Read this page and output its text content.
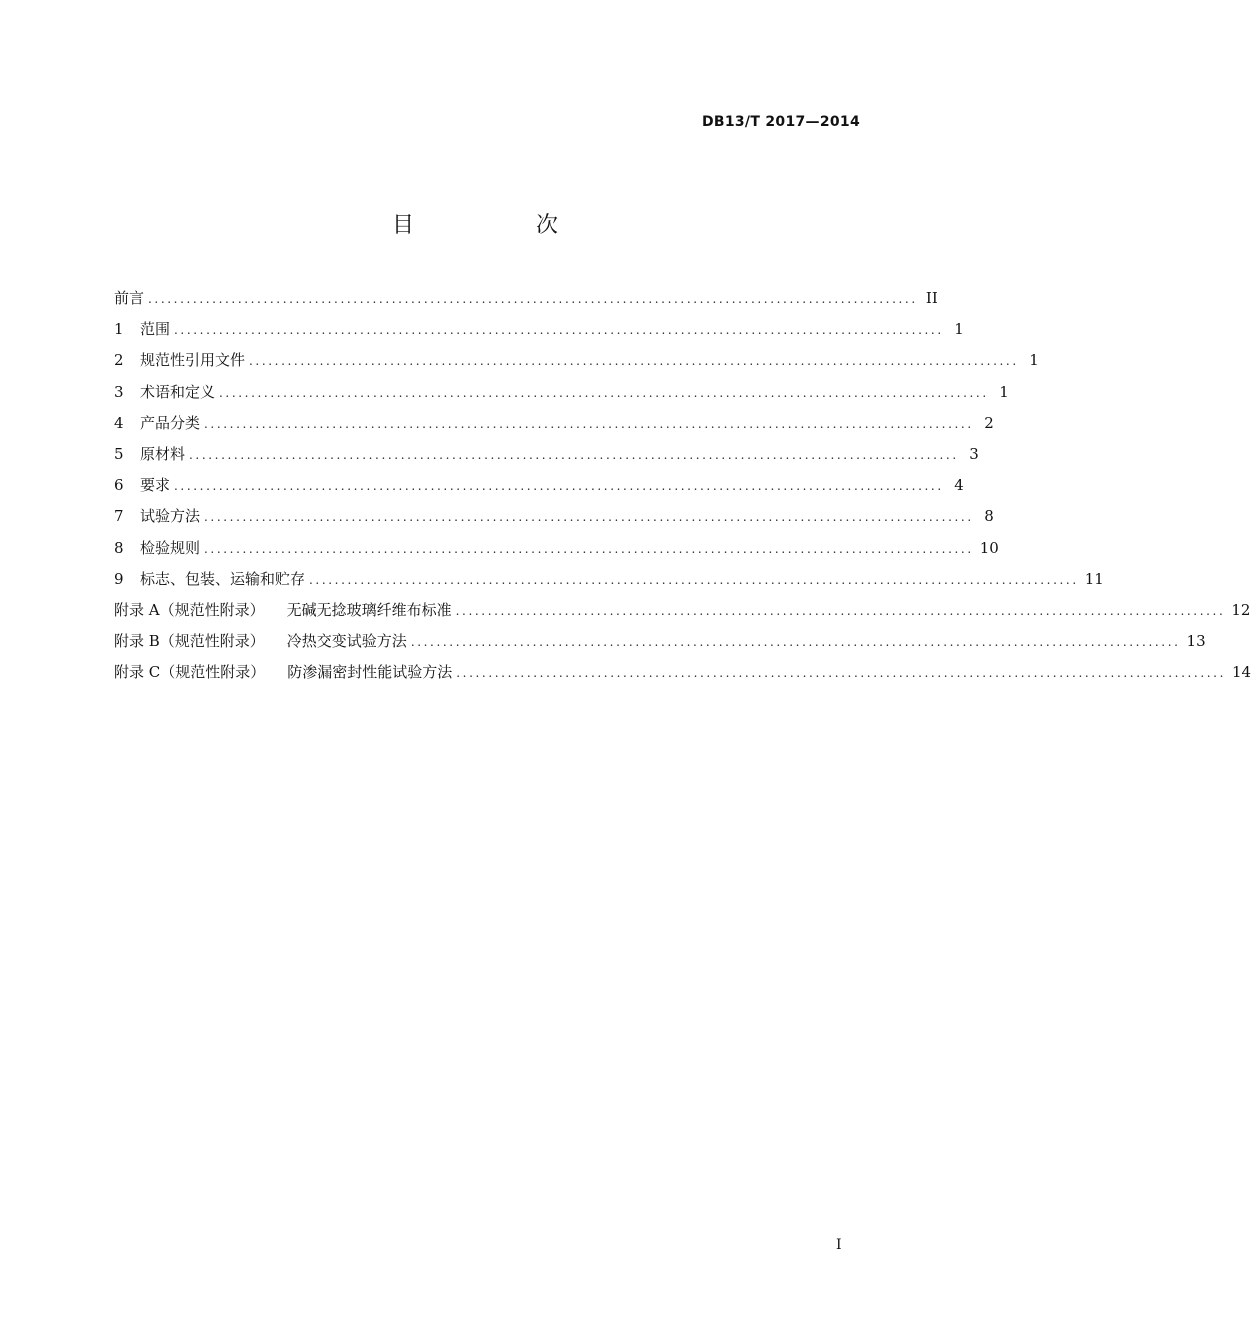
DB13/T 2017—2014
目　次
前言 ........................................................................................................................ II
1	范围 ........................................................................................................................ 1
2	规范性引用文件 ........................................................................................................................ 1
3	术语和定义 ........................................................................................................................ 1
4	产品分类 ........................................................................................................................ 2
5	原材料 ........................................................................................................................ 3
6	要求 ........................................................................................................................ 4
7	试验方法 ........................................................................................................................ 8
8	检验规则 ........................................................................................................................ 10
9	标志、包装、运输和贮存 ........................................................................................................................ 11
附录 A（规范性附录） 无碱无捻玻璃纤维布标准 ........................................................................................................................ 12
附录 B（规范性附录） 冷热交变试验方法 ........................................................................................................................ 13
附录 C（规范性附录） 防渗漏密封性能试验方法 ........................................................................................................................ 14
I
